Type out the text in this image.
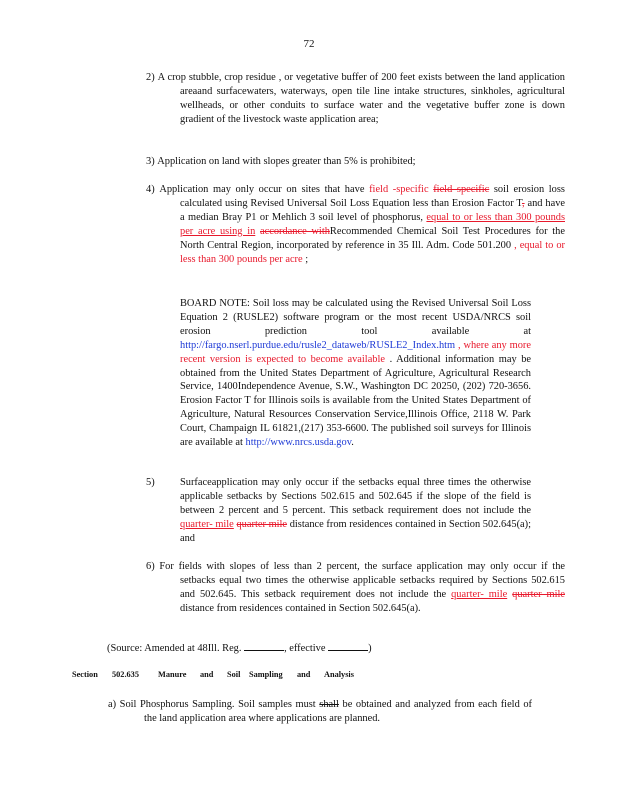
72
2) A crop stubble, crop residue , or vegetative buffer of 200 feet exists between the land application areaand surfacewaters, waterways, open tile line intake structures, sinkholes, agricultural wellheads, or other conduits to surface water and the vegetative buffer zone is down gradient of the livestock waste application area;
3) Application on land with slopes greater than 5% is prohibited;
4) Application may only occur on sites that have field -specific field specific soil erosion loss calculated using Revised Universal Soil Loss Equation less than Erosion Factor T, and have a median Bray P1 or Mehlich 3 soil level of phosphorus, equal to or less than 300 pounds per acre using in accordance withRecommended Chemical Soil Test Procedures for the North Central Region, incorporated by reference in 35 Ill. Adm. Code 501.200 , equal to or less than 300 pounds per acre ;
BOARD NOTE: Soil loss may be calculated using the Revised Universal Soil Loss Equation 2 (RUSLE2) software program or the most recent USDA/NRCS soil erosion prediction tool available at http://fargo.nserl.purdue.edu/rusle2_dataweb/RUSLE2_Index.htm , where any more recent version is expected to become available . Additional information may be obtained from the United States Department of Agriculture, Agricultural Research Service, 1400Independence Avenue, S.W., Washington DC 20250, (202) 720-3656. Erosion Factor T for Illinois soils is available from the United States Department of Agriculture, Natural Resources Conservation Service,Illinois Office, 2118 W. Park Court, Champaign IL 61821,(217) 353-6600. The published soil surveys for Illinois are available at http://www.nrcs.usda.gov.
5) Surfaceapplication may only occur if the setbacks equal three times the otherwise applicable setbacks by Sections 502.615 and 502.645 if the slope of the field is between 2 percent and 5 percent. This setback requirement does not include the quarter- mile quarter mile distance from residences contained in Section 502.645(a); and
6) For fields with slopes of less than 2 percent, the surface application may only occur if the setbacks equal two times the otherwise applicable setbacks required by Sections 502.615 and 502.645. This setback requirement does not include the quarter- mile quarter mile distance from residences contained in Section 502.645(a).
(Source: Amended at 48Ill. Reg.	, effective	)
Section 502.635 Manure and Soil Sampling and Analysis
a) Soil Phosphorus Sampling. Soil samples must shall be obtained and analyzed from each field of the land application area where applications are planned.
